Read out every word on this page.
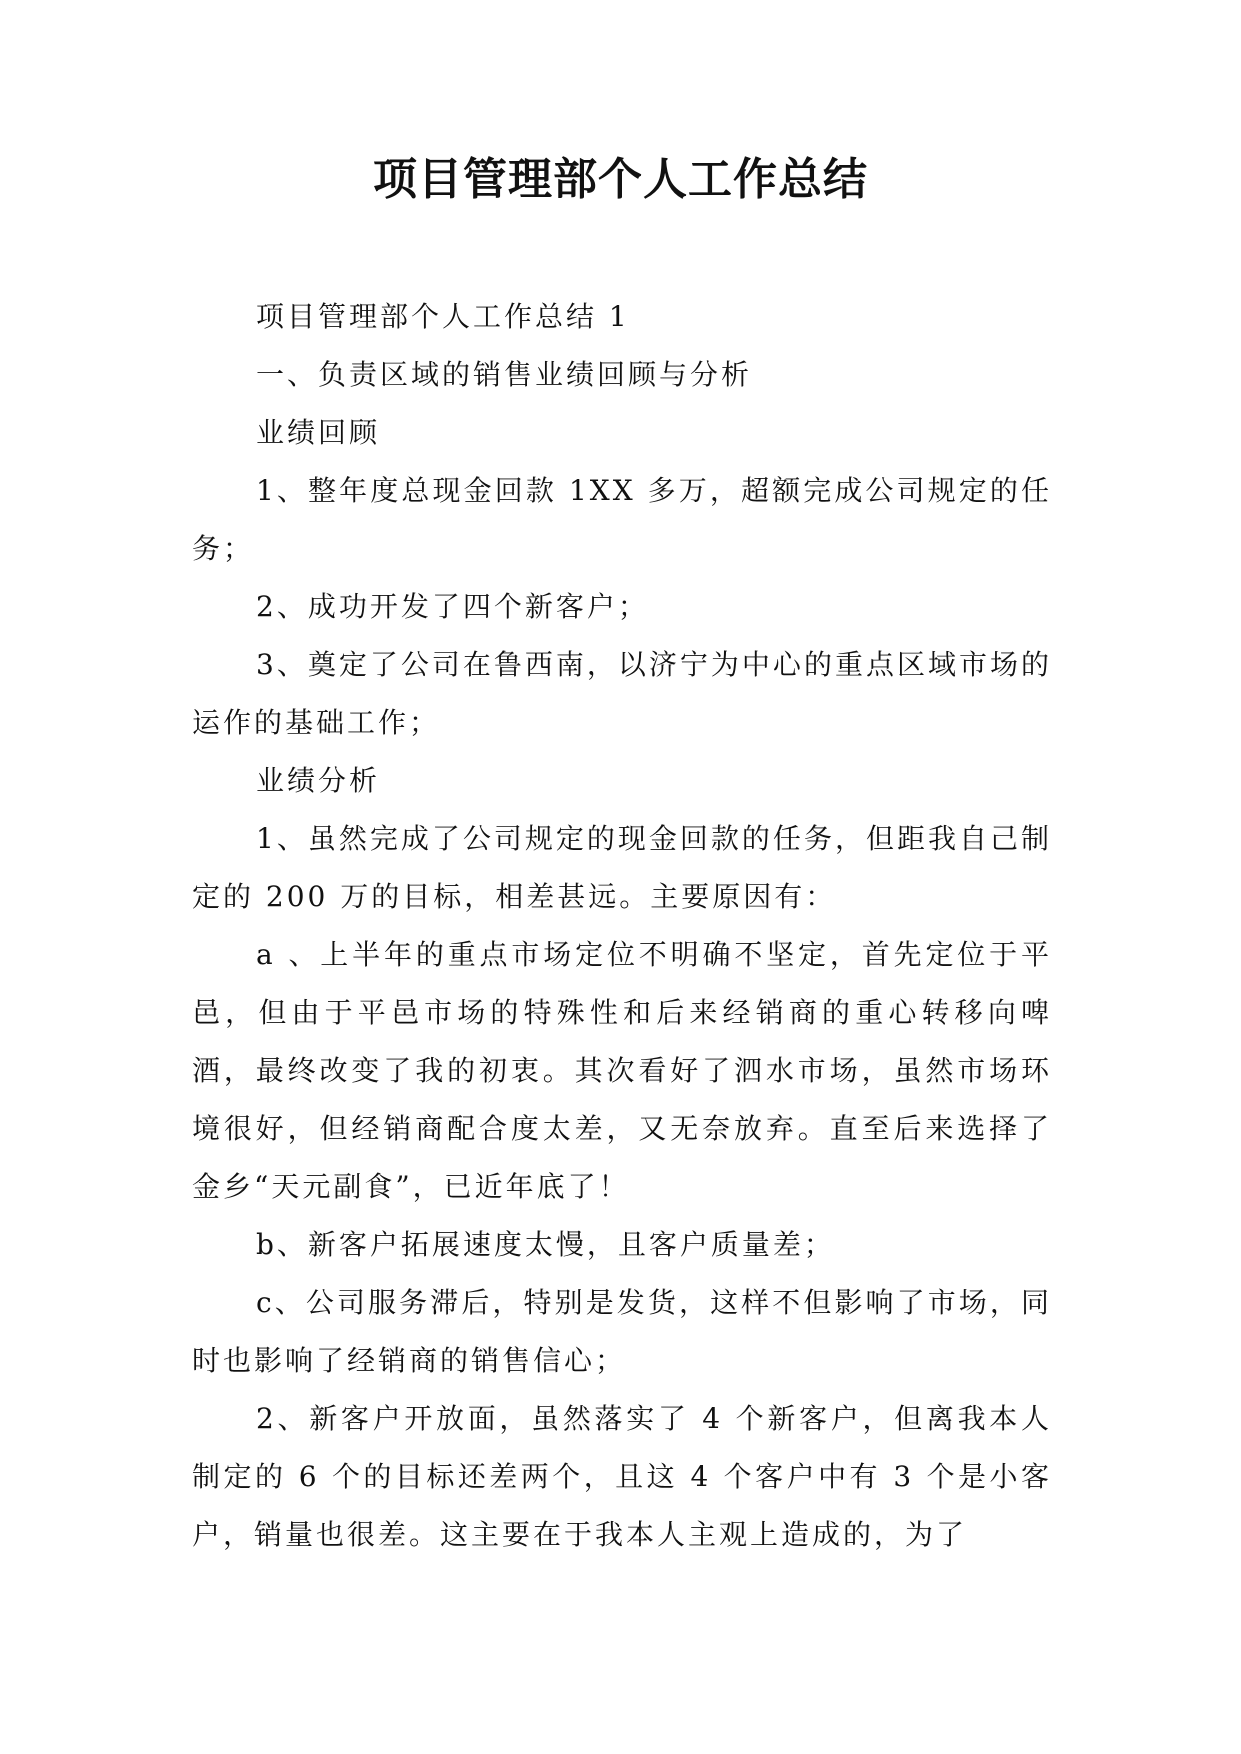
项目管理部个人工作总结

项目管理部个人工作总结 1

一、负责区域的销售业绩回顾与分析

业绩回顾

1、整年度总现金回款 1XX 多万，超额完成公司规定的任务；

2、成功开发了四个新客户；

3、奠定了公司在鲁西南，以济宁为中心的重点区域市场的运作的基础工作；

业绩分析

1、虽然完成了公司规定的现金回款的任务，但距我自己制定的 200 万的目标，相差甚远。主要原因有：

a 、上半年的重点市场定位不明确不坚定，首先定位于平邑，但由于平邑市场的特殊性和后来经销商的重心转移向啤酒，最终改变了我的初衷。其次看好了泗水市场，虽然市场环境很好，但经销商配合度太差，又无奈放弃。直至后来选择了金乡“天元副食”，已近年底了！

b、新客户拓展速度太慢，且客户质量差；

c、公司服务滞后，特别是发货，这样不但影响了市场，同时也影响了经销商的销售信心；

2、新客户开放面，虽然落实了 4 个新客户，但离我本人制定的 6 个的目标还差两个，且这 4 个客户中有 3 个是小客户，销量也很差。这主要在于我本人主观上造成的，为了
